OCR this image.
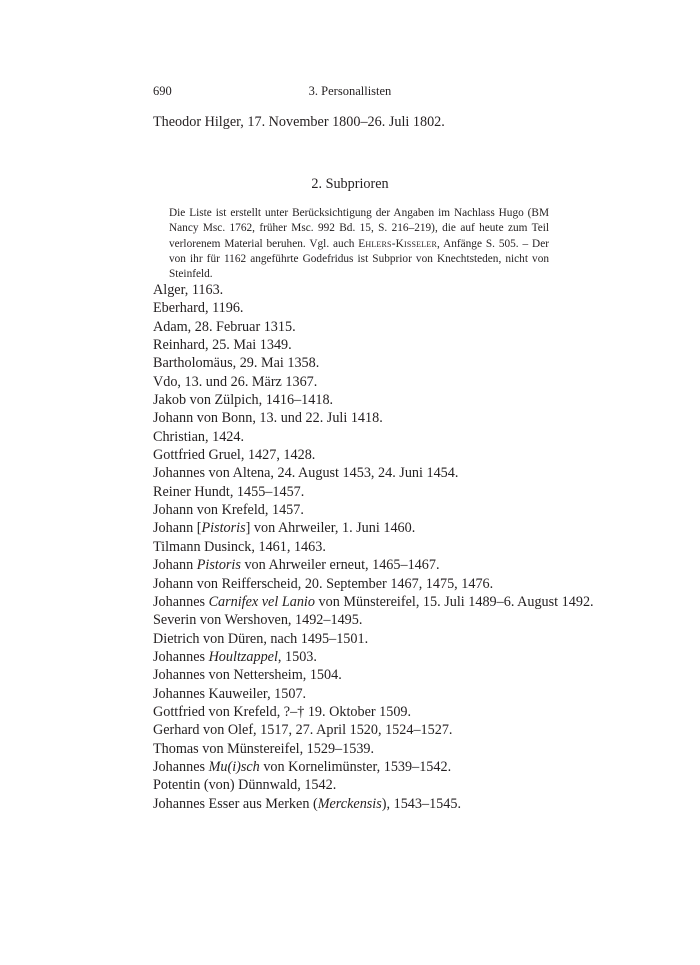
690	3. Personallisten
Theodor Hilger, 17. November 1800–26. Juli 1802.
2. Subprioren

Die Liste ist erstellt unter Berücksichtigung der Angaben im Nachlass Hugo (BM Nancy Msc. 1762, früher Msc. 992 Bd. 15, S. 216–219), die auf heute zum Teil verlorenem Material beruhen. Vgl. auch Ehlers-Kisseler, Anfänge S. 505. – Der von ihr für 1162 angeführte Godefridus ist Subprior von Knechtsteden, nicht von Steinfeld.

Alger, 1163.
Eberhard, 1196.
Adam, 28. Februar 1315.
Reinhard, 25. Mai 1349.
Bartholomäus, 29. Mai 1358.
Vdo, 13. und 26. März 1367.
Jakob von Zülpich, 1416–1418.
Johann von Bonn, 13. und 22. Juli 1418.
Christian, 1424.
Gottfried Gruel, 1427, 1428.
Johannes von Altena, 24. August 1453, 24. Juni 1454.
Reiner Hundt, 1455–1457.
Johann von Krefeld, 1457.
Johann [Pistoris] von Ahrweiler, 1. Juni 1460.
Tilmann Dusinck, 1461, 1463.
Johann Pistoris von Ahrweiler erneut, 1465–1467.
Johann von Reifferscheid, 20. September 1467, 1475, 1476.
Johannes Carnifex vel Lanio von Münstereifel, 15. Juli 1489–6. August 1492.
Severin von Wershoven, 1492–1495.
Dietrich von Düren, nach 1495–1501.
Johannes Houltzappel, 1503.
Johannes von Nettersheim, 1504.
Johannes Kauweiler, 1507.
Gottfried von Krefeld, ?–† 19. Oktober 1509.
Gerhard von Olef, 1517, 27. April 1520, 1524–1527.
Thomas von Münstereifel, 1529–1539.
Johannes Mu(i)sch von Kornelimünster, 1539–1542.
Potentin (von) Dünnwald, 1542.
Johannes Esser aus Merken (Merckensis), 1543–1545.
